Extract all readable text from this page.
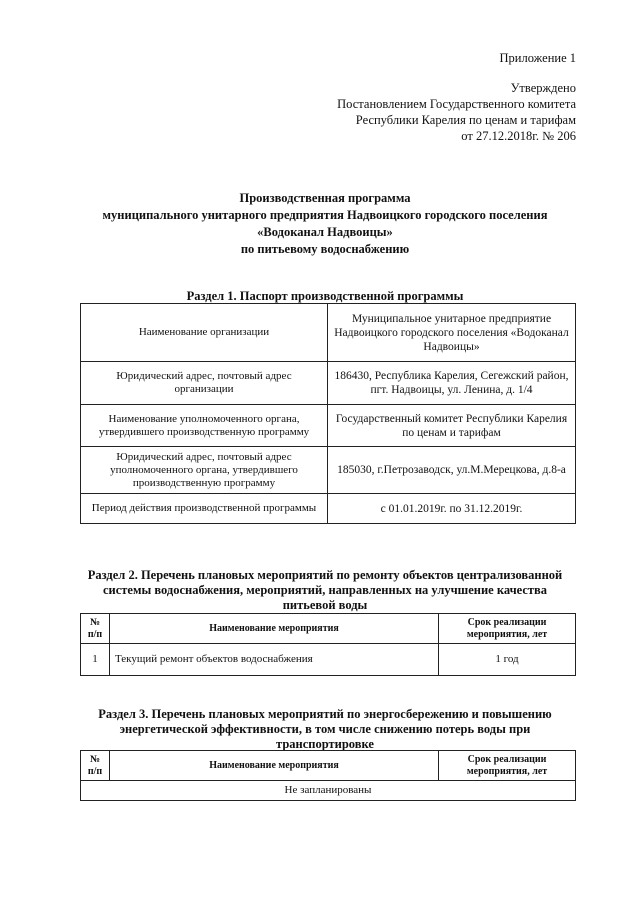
Приложение 1
Утверждено
Постановлением Государственного комитета
Республики Карелия по ценам и тарифам
от 27.12.2018г. № 206
Производственная программа
муниципального унитарного предприятия Надвоицкого городского поселения
«Водоканал Надвоицы»
по питьевому водоснабжению
Раздел 1. Паспорт производственной программы
Наименование организации	Муниципальное унитарное предприятие Надвоицкого городского поселения «Водоканал Надвоицы»
Юридический адрес, почтовый адрес организации	186430, Республика Карелия, Сегежский район, пгт. Надвоицы, ул. Ленина, д. 1/4
Наименование уполномоченного органа, утвердившего производственную программу	Государственный комитет Республики Карелия по ценам и тарифам
Юридический адрес, почтовый адрес уполномоченного органа, утвердившего производственную программу	185030, г.Петрозаводск, ул.М.Мерецкова, д.8-а
Период действия производственной программы	с 01.01.2019г. по 31.12.2019г.
Раздел 2. Перечень плановых мероприятий по ремонту объектов централизованной системы водоснабжения, мероприятий, направленных на улучшение качества питьевой воды
№ п/п	Наименование мероприятия	Срок реализации мероприятия, лет
1	Текущий ремонт объектов водоснабжения	1 год
Раздел 3. Перечень плановых мероприятий по энергосбережению и повышению энергетической эффективности, в том числе снижению потерь воды при транспортировке
№ п/п	Наименование мероприятия	Срок реализации мероприятия, лет
Не запланированы
